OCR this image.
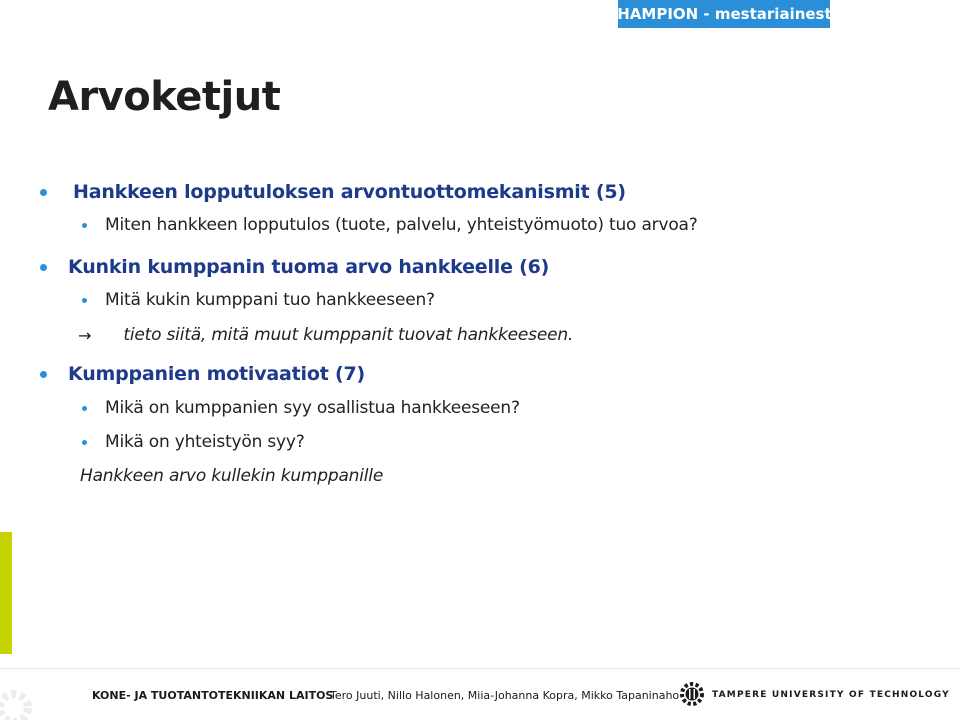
CHAMPION - mestariainesta
Arvoketjut
Hankkeen lopputuloksen arvontuottomekanismit (5)
Miten hankkeen lopputulos (tuote, palvelu, yhteistyömuoto) tuo arvoa?
Kunkin kumppanin tuoma arvo hankkeelle (6)
Mitä kukin kumppani tuo hankkeeseen?
→ tieto siitä, mitä muut kumppanit tuovat hankkeeseen.
Kumppanien motivaatiot (7)
Mikä on kumppanien syy osallistua hankkeeseen?
Mikä on yhteistyön syy?
Hankkeen arvo kullekin kumppanille
KONE- JA TUOTANTOTEKNIIKAN LAITOS
Tero Juuti, Nillo Halonen, Miia-Johanna Kopra, Mikko Tapaninaho	TAMPERE UNIVERSITY OF TECHNOLOGY
